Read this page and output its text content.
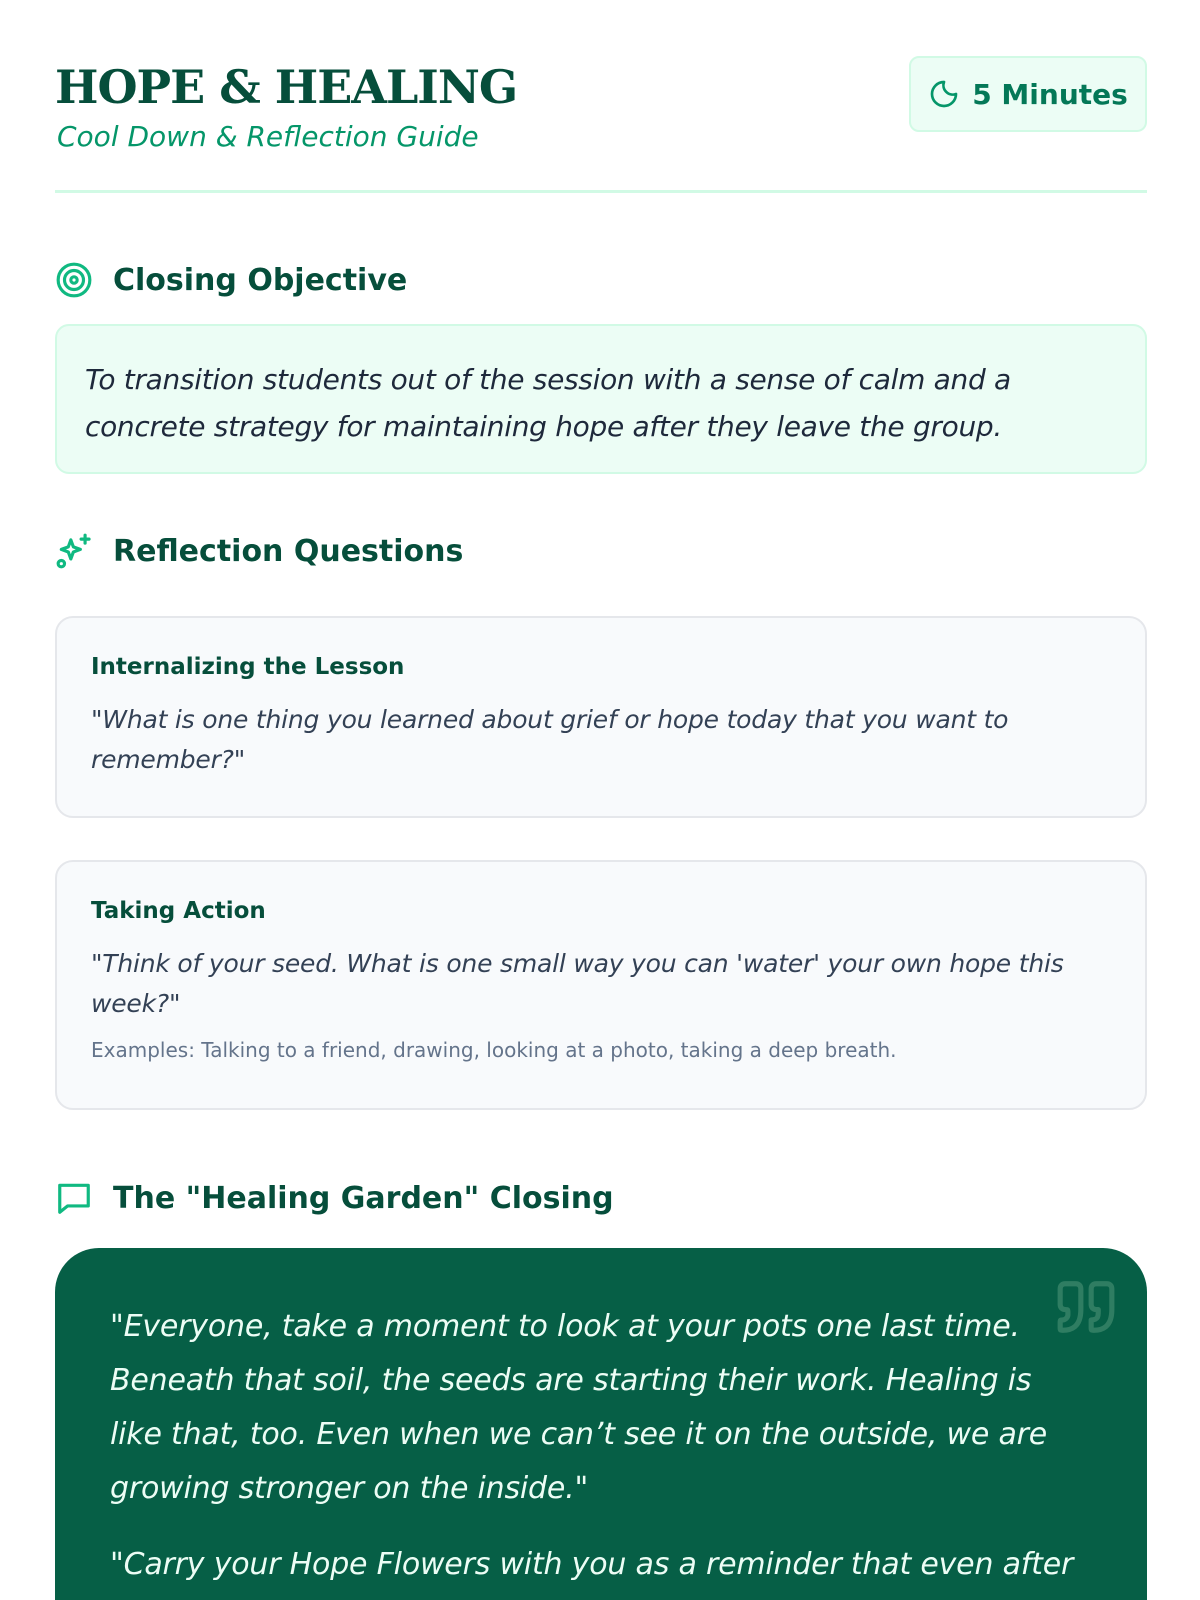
HOPE & HEALING
Cool Down & Reflection Guide
5 Minutes
Closing Objective
To transition students out of the session with a sense of calm and a concrete strategy for maintaining hope after they leave the group.
Reflection Questions
Internalizing the Lesson
"What is one thing you learned about grief or hope today that you want to remember?"
Taking Action
"Think of your seed. What is one small way you can 'water' your own hope this week?"
Examples: Talking to a friend, drawing, looking at a photo, taking a deep breath.
The "Healing Garden" Closing

"Everyone, take a moment to look at your pots one last time. Beneath that soil, the seeds are starting their work. Healing is like that, too. Even when we can’t see it on the outside, we are growing stronger on the inside."

"Carry your Hope Flowers with you as a reminder that even after
